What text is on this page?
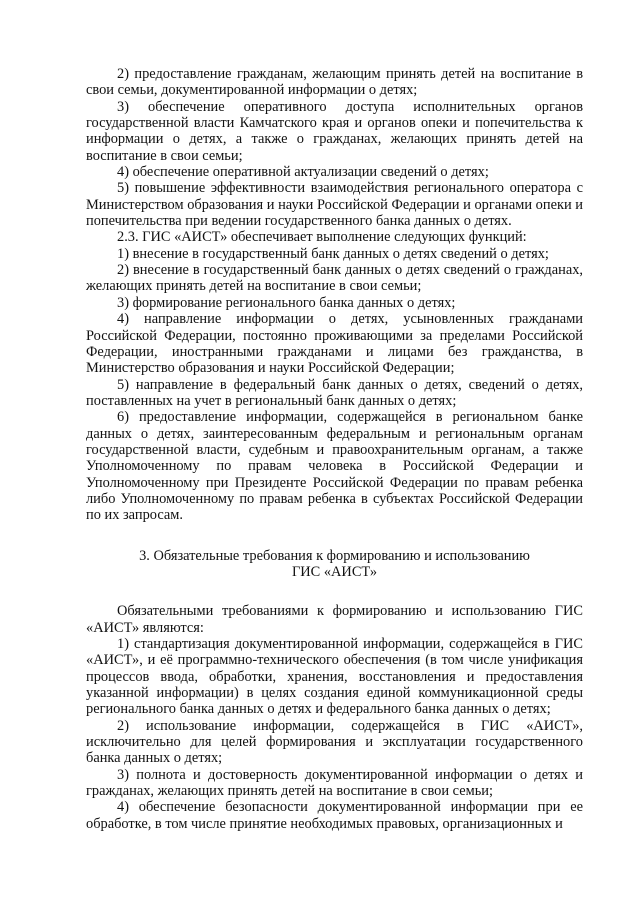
2) предоставление гражданам, желающим принять детей на воспитание в свои семьи, документированной информации о детях;

3) обеспечение оперативного доступа исполнительных органов государственной власти Камчатского края и органов опеки и попечительства к информации о детях, а также о гражданах, желающих принять детей на воспитание в свои семьи;

4) обеспечение оперативной актуализации сведений о детях;

5) повышение эффективности взаимодействия регионального оператора с Министерством образования и науки Российской Федерации и органами опеки и попечительства при ведении государственного банка данных о детях.

2.3. ГИС «АИСТ» обеспечивает выполнение следующих функций:

1) внесение в государственный банк данных о детях сведений о детях;

2) внесение в государственный банк данных о детях сведений о гражданах, желающих принять детей на воспитание в свои семьи;

3) формирование регионального банка данных о детях;

4) направление информации о детях, усыновленных гражданами Российской Федерации, постоянно проживающими за пределами Российской Федерации, иностранными гражданами и лицами без гражданства, в Министерство образования и науки Российской Федерации;

5) направление в федеральный банк данных о детях, сведений о детях, поставленных на учет в региональный банк данных о детях;

6) предоставление информации, содержащейся в региональном банке данных о детях, заинтересованным федеральным и региональным органам государственной власти, судебным и правоохранительным органам, а также Уполномоченному по правам человека в Российской Федерации и Уполномоченному при Президенте Российской Федерации по правам ребенка либо Уполномоченному по правам ребенка в субъектах Российской Федерации по их запросам.

3. Обязательные требования к формированию и использованию

ГИС «АИСТ»

Обязательными требованиями к формированию и использованию ГИС «АИСТ» являются:

1) стандартизация документированной информации, содержащейся в ГИС «АИСТ», и её программно-технического обеспечения (в том числе унификация процессов ввода, обработки, хранения, восстановления и предоставления указанной информации) в целях создания единой коммуникационной среды регионального банка данных о детях и федерального банка данных о детях;

2) использование информации, содержащейся в ГИС «АИСТ», исключительно для целей формирования и эксплуатации государственного банка данных о детях;

3) полнота и достоверность документированной информации о детях и гражданах, желающих принять детей на воспитание в свои семьи;

4) обеспечение безопасности документированной информации при ее обработке, в том числе принятие необходимых правовых, организационных и
